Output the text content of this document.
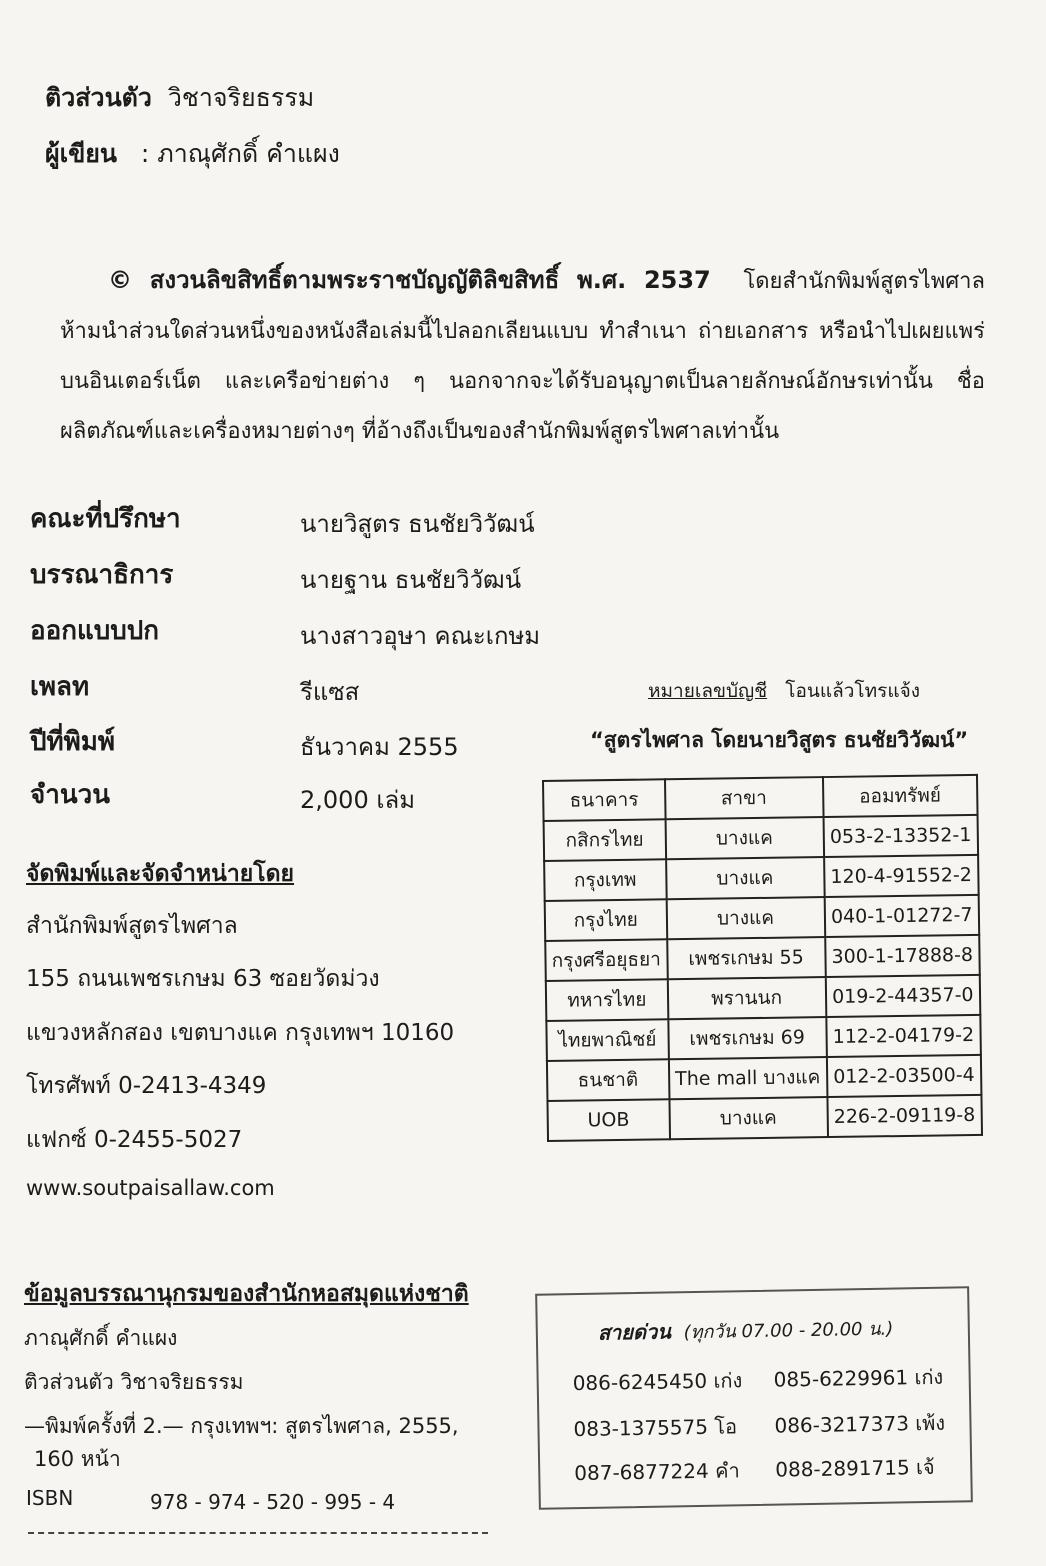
ติวส่วนตัว วิชาจริยธรรม
ผู้เขียน : ภาณุศักดิ์ คำแผง
© สงวนลิขสิทธิ์ตามพระราชบัญญัติลิขสิทธิ์ พ.ศ. 2537 โดยสำนักพิมพ์สูตรไพศาล ห้ามนำส่วนใดส่วนหนึ่งของหนังสือเล่มนี้ไปลอกเลียนแบบ ทำสำเนา ถ่ายเอกสาร หรือนำไปเผยแพร่บนอินเตอร์เน็ต และเครือข่ายต่าง ๆ นอกจากจะได้รับอนุญาตเป็นลายลักษณ์อักษรเท่านั้น ชื่อผลิตภัณฑ์และเครื่องหมายต่างๆ ที่อ้างถึงเป็นของสำนักพิมพ์สูตรไพศาลเท่านั้น
คณะที่ปรึกษา	นายวิสูตร ธนชัยวิวัฒน์
บรรณาธิการ	นายฐาน ธนชัยวิวัฒน์
ออกแบบปก	นางสาวอุษา คณะเกษม
เพลท	รีแซส
ปีที่พิมพ์	ธันวาคม 2555
จำนวน	2,000 เล่ม
จัดพิมพ์และจัดจำหน่ายโดย
สำนักพิมพ์สูตรไพศาล
155 ถนนเพชรเกษม 63 ซอยวัดม่วง
แขวงหลักสอง เขตบางแค กรุงเทพฯ 10160
โทรศัพท์ 0-2413-4349
แฟกซ์ 0-2455-5027
www.soutpaisallaw.com
หมายเลขบัญชี โอนแล้วโทรแจ้ง
“สูตรไพศาล โดยนายวิสูตร ธนชัยวิวัฒน์”
ธนาคาร	สาขา	ออมทรัพย์
กสิกรไทย	บางแค	053-2-13352-1
กรุงเทพ	บางแค	120-4-91552-2
กรุงไทย	บางแค	040-1-01272-7
กรุงศรีอยุธยา	เพชรเกษม 55	300-1-17888-8
ทหารไทย	พรานนก	019-2-44357-0
ไทยพาณิชย์	เพชรเกษม 69	112-2-04179-2
ธนชาติ	The mall บางแค	012-2-03500-4
UOB	บางแค	226-2-09119-8
ข้อมูลบรรณานุกรมของสำนักหอสมุดแห่งชาติ
ภาณุศักดิ์ คำแผง
ติวส่วนตัว วิชาจริยธรรม
—พิมพ์ครั้งที่ 2.— กรุงเทพฯ: สูตรไพศาล, 2555,
160 หน้า
ISBN	978 - 974 - 520 - 995 - 4
สายด่วน (ทุกวัน 07.00 - 20.00 น.)
086-6245450 เก่ง 085-6229961 เก่ง
083-1375575 โอ 086-3217373 เพ้ง
087-6877224 คำ 088-2891715 เจ้
